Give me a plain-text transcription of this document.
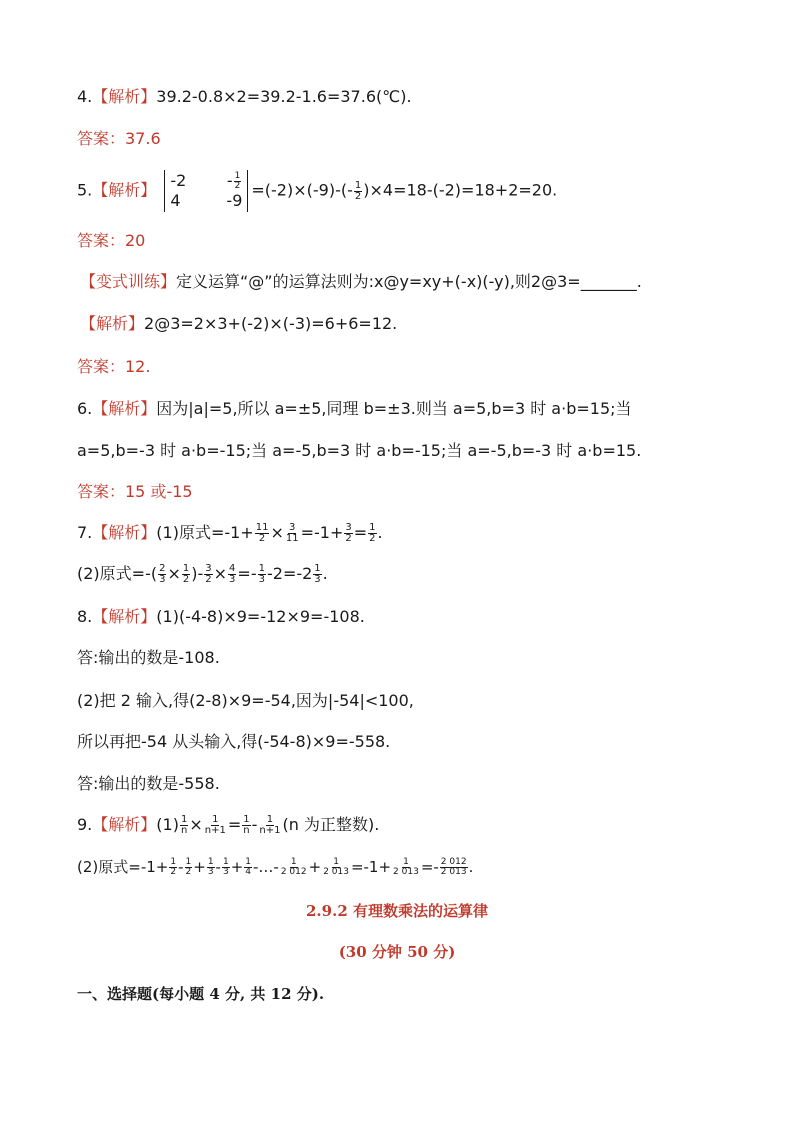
4.【解析】39.2-0.8×2=39.2-1.6=37.6(℃).
答案：37.6
5.【解析】 -2	- $\frac{1}{2}$
4	-9
$=(-2)\times(-9)-(- \frac{1}{2} )\times 4=18-(-2)=18+2=20$.
答案：20
【变式训练】定义运算“@”的运算法则为:x@y=xy+(-x)(-y),则2@3=_______.
【解析】2@3=2×3+(-2)×(-3)=6+6=12.
答案：12.
6.【解析】因为|a|=5,所以 a=±5,同理 b=±3.则当 a=5,b=3 时 a·b=15;当
a=5,b=-3 时 a·b=-15;当 a=-5,b=3 时 a·b=-15;当 a=-5,b=-3 时 a·b=15.
答案：15 或-15
7.【解析】(1)原式$=-1+ \frac{11}{2} \times \frac{3}{11} =-1+ \frac{3}{2} = \frac{1}{2}$ .
(2)原式=-( $\frac{2}{3} \times \frac{1}{2}$ )- $\frac{3}{2} \times \frac{4}{3} =- \frac{1}{3} -2=-2 \frac{1}{3}$ .
8.【解析】(1)(-4-8)×9=-12×9=-108.
答:输出的数是-108.
(2)把 2 输入,得(2-8)×9=-54,因为|-54|<100,
所以再把-54 从头输入,得(-54-8)×9=-558.
答:输出的数是-558.
9.【解析】$(1) \frac{1}{n} \times \frac{1}{n+1} = \frac{1}{n} - \frac{1}{n+1} (n$ 为正整数).
(2)原式$=-1+ \frac{1}{2} - \frac{1}{2} + \frac{1}{3} - \frac{1}{3} + \frac{1}{4}$ -…- $\frac{1}{2 012} + \frac{1}{2 013} =-1+ \frac{1}{2 013} =- \frac{2 012}{2 013}$ .
2.9.2 有理数乘法的运算律
(30 分钟 50 分)
一、选择题(每小题 4 分, 共 12 分).
